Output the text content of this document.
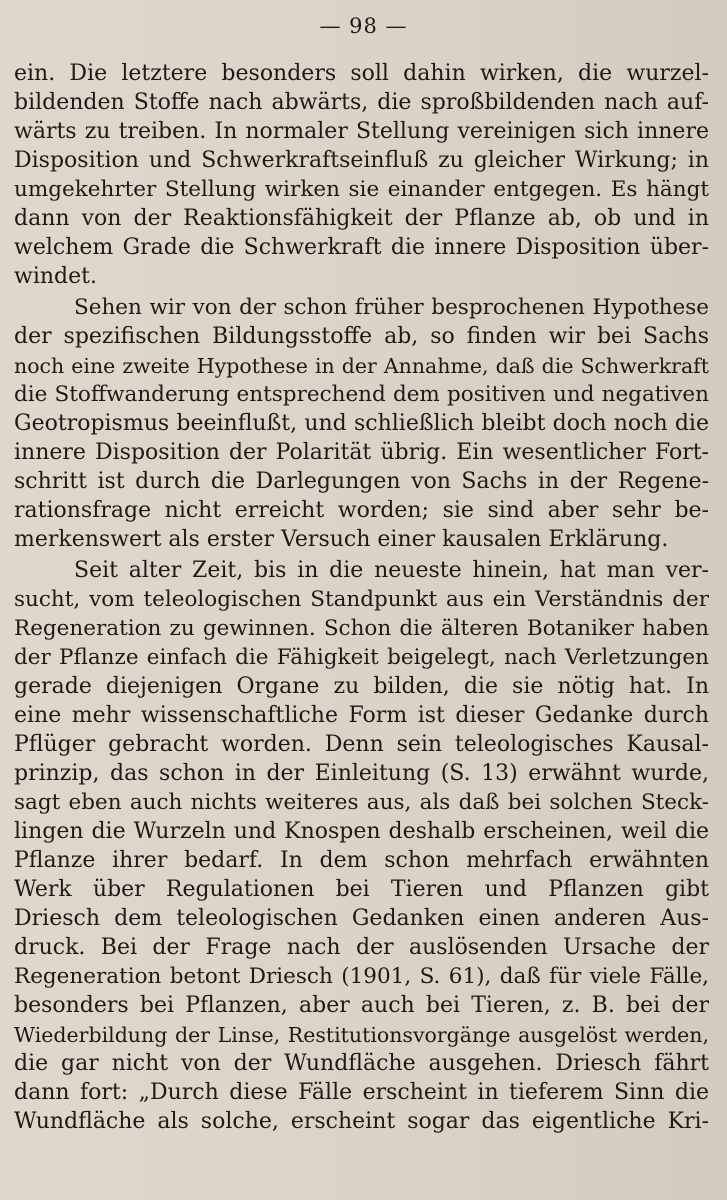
— 98 —
ein. Die letztere besonders soll dahin wirken, die wurzel-
bildenden Stoffe nach abwärts, die sproßbildenden nach auf-
wärts zu treiben. In normaler Stellung vereinigen sich innere
Disposition und Schwerkraftseinfluß zu gleicher Wirkung; in
umgekehrter Stellung wirken sie einander entgegen. Es hängt
dann von der Reaktionsfähigkeit der Pflanze ab, ob und in
welchem Grade die Schwerkraft die innere Disposition über-
windet.
Sehen wir von der schon früher besprochenen Hypothese
der spezifischen Bildungsstoffe ab, so finden wir bei Sachs
noch eine zweite Hypothese in der Annahme, daß die Schwerkraft
die Stoffwanderung entsprechend dem positiven und negativen
Geotropismus beeinflußt, und schließlich bleibt doch noch die
innere Disposition der Polarität übrig. Ein wesentlicher Fort-
schritt ist durch die Darlegungen von Sachs in der Regene-
rationsfrage nicht erreicht worden; sie sind aber sehr be-
merkenswert als erster Versuch einer kausalen Erklärung.
Seit alter Zeit, bis in die neueste hinein, hat man ver-
sucht, vom teleologischen Standpunkt aus ein Verständnis der
Regeneration zu gewinnen. Schon die älteren Botaniker haben
der Pflanze einfach die Fähigkeit beigelegt, nach Verletzungen
gerade diejenigen Organe zu bilden, die sie nötig hat. In
eine mehr wissenschaftliche Form ist dieser Gedanke durch
Pflüger gebracht worden. Denn sein teleologisches Kausal-
prinzip, das schon in der Einleitung (S. 13) erwähnt wurde,
sagt eben auch nichts weiteres aus, als daß bei solchen Steck-
lingen die Wurzeln und Knospen deshalb erscheinen, weil die
Pflanze ihrer bedarf. In dem schon mehrfach erwähnten
Werk über Regulationen bei Tieren und Pflanzen gibt
Driesch dem teleologischen Gedanken einen anderen Aus-
druck. Bei der Frage nach der auslösenden Ursache der
Regeneration betont Driesch (1901, S. 61), daß für viele Fälle,
besonders bei Pflanzen, aber auch bei Tieren, z. B. bei der
Wiederbildung der Linse, Restitutionsvorgänge ausgelöst werden,
die gar nicht von der Wundfläche ausgehen. Driesch fährt
dann fort: „Durch diese Fälle erscheint in tieferem Sinn die
Wundfläche als solche, erscheint sogar das eigentliche Kri-
